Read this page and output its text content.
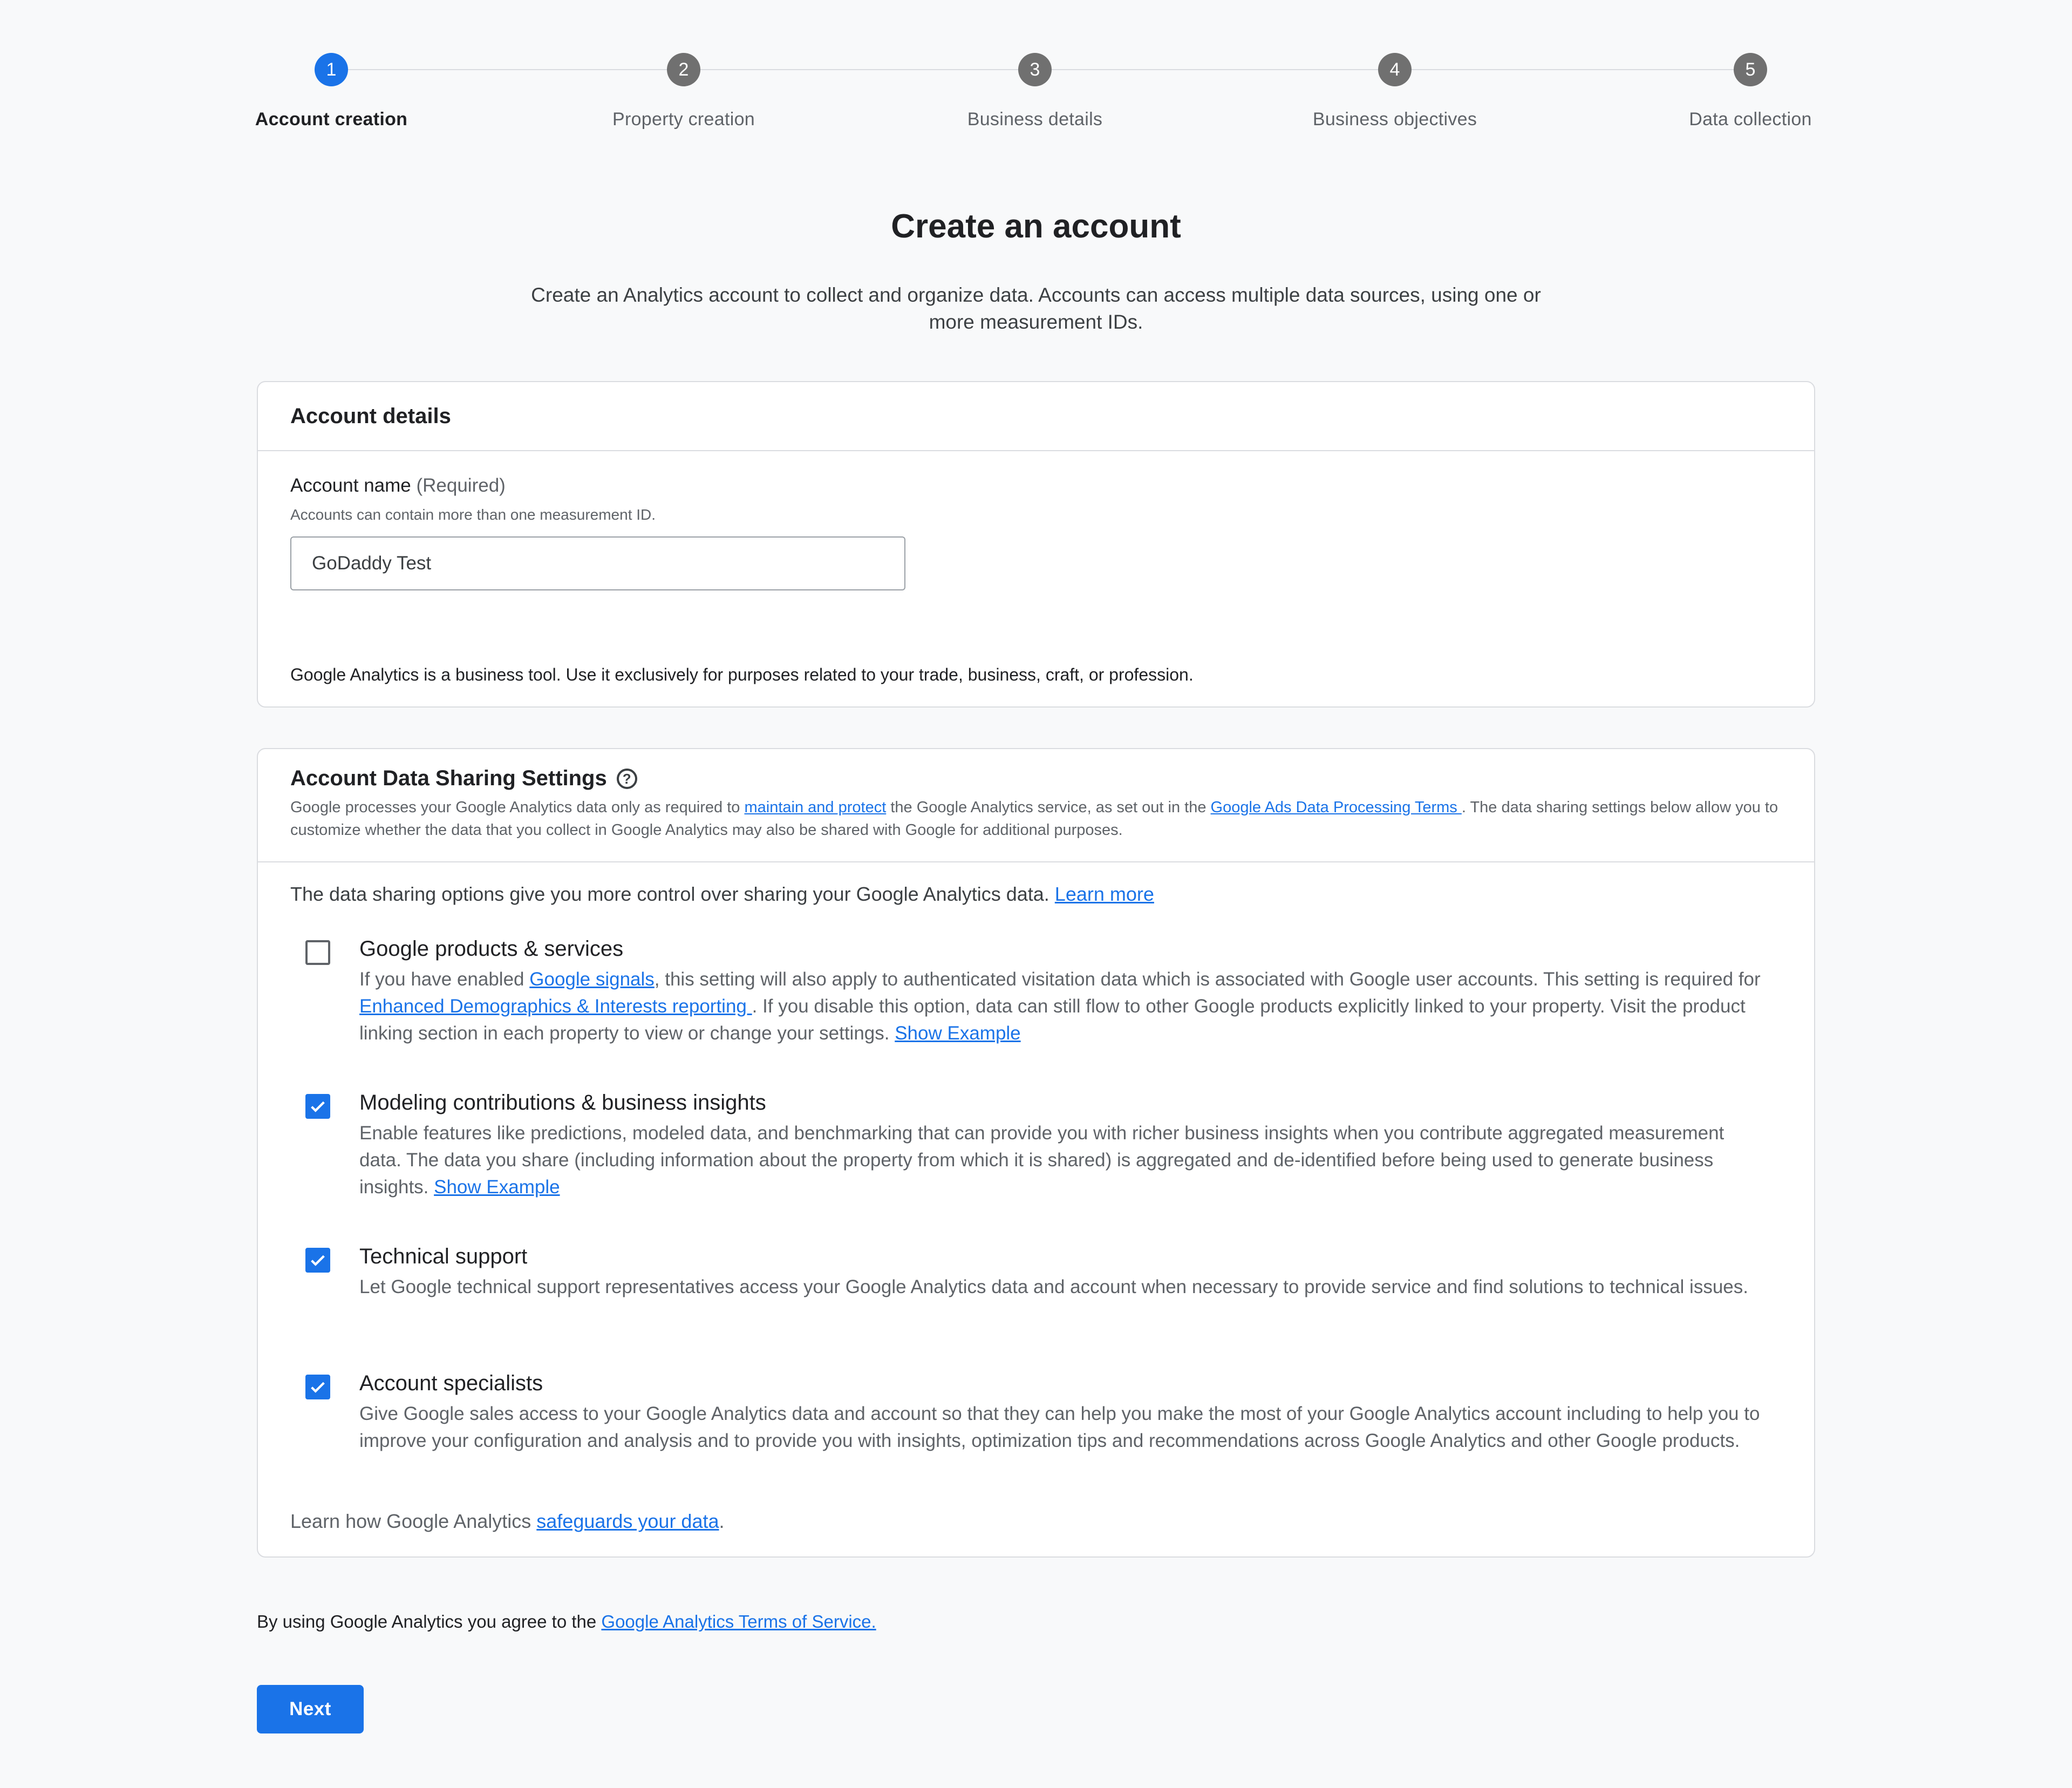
1	2	3	4	5
Account creation	Property creation	Business details	Business objectives	Data collection
Create an account

Create an Analytics account to collect and organize data. Accounts can access multiple data sources, using one or more measurement IDs.

Account details
Account name (Required)
Accounts can contain more than one measurement ID.
GoDaddy Test
Google Analytics is a business tool. Use it exclusively for purposes related to your trade, business, craft, or profession.
Account Data Sharing Settings	?

Google processes your Google Analytics data only as required to maintain and protect the Google Analytics service, as set out in the Google Ads Data Processing Terms . The data sharing settings below allow you to customize whether the data that you collect in Google Analytics may also be shared with Google for additional purposes.

The data sharing options give you more control over sharing your Google Analytics data. Learn more
Google products & services
If you have enabled Google signals, this setting will also apply to authenticated visitation data which is associated with Google user accounts. This setting is required for Enhanced Demographics & Interests reporting . If you disable this option, data can still flow to other Google products explicitly linked to your property. Visit the product linking section in each property to view or change your settings. Show Example
Modeling contributions & business insights
Enable features like predictions, modeled data, and benchmarking that can provide you with richer business insights when you contribute aggregated measurement data. The data you share (including information about the property from which it is shared) is aggregated and de-identified before being used to generate business insights. Show Example
Technical support
Let Google technical support representatives access your Google Analytics data and account when necessary to provide service and find solutions to technical issues.
Account specialists
Give Google sales access to your Google Analytics data and account so that they can help you make the most of your Google Analytics account including to help you to improve your configuration and analysis and to provide you with insights, optimization tips and recommendations across Google Analytics and other Google products.
Learn how Google Analytics safeguards your data.
By using Google Analytics you agree to the Google Analytics Terms of Service.
Next
